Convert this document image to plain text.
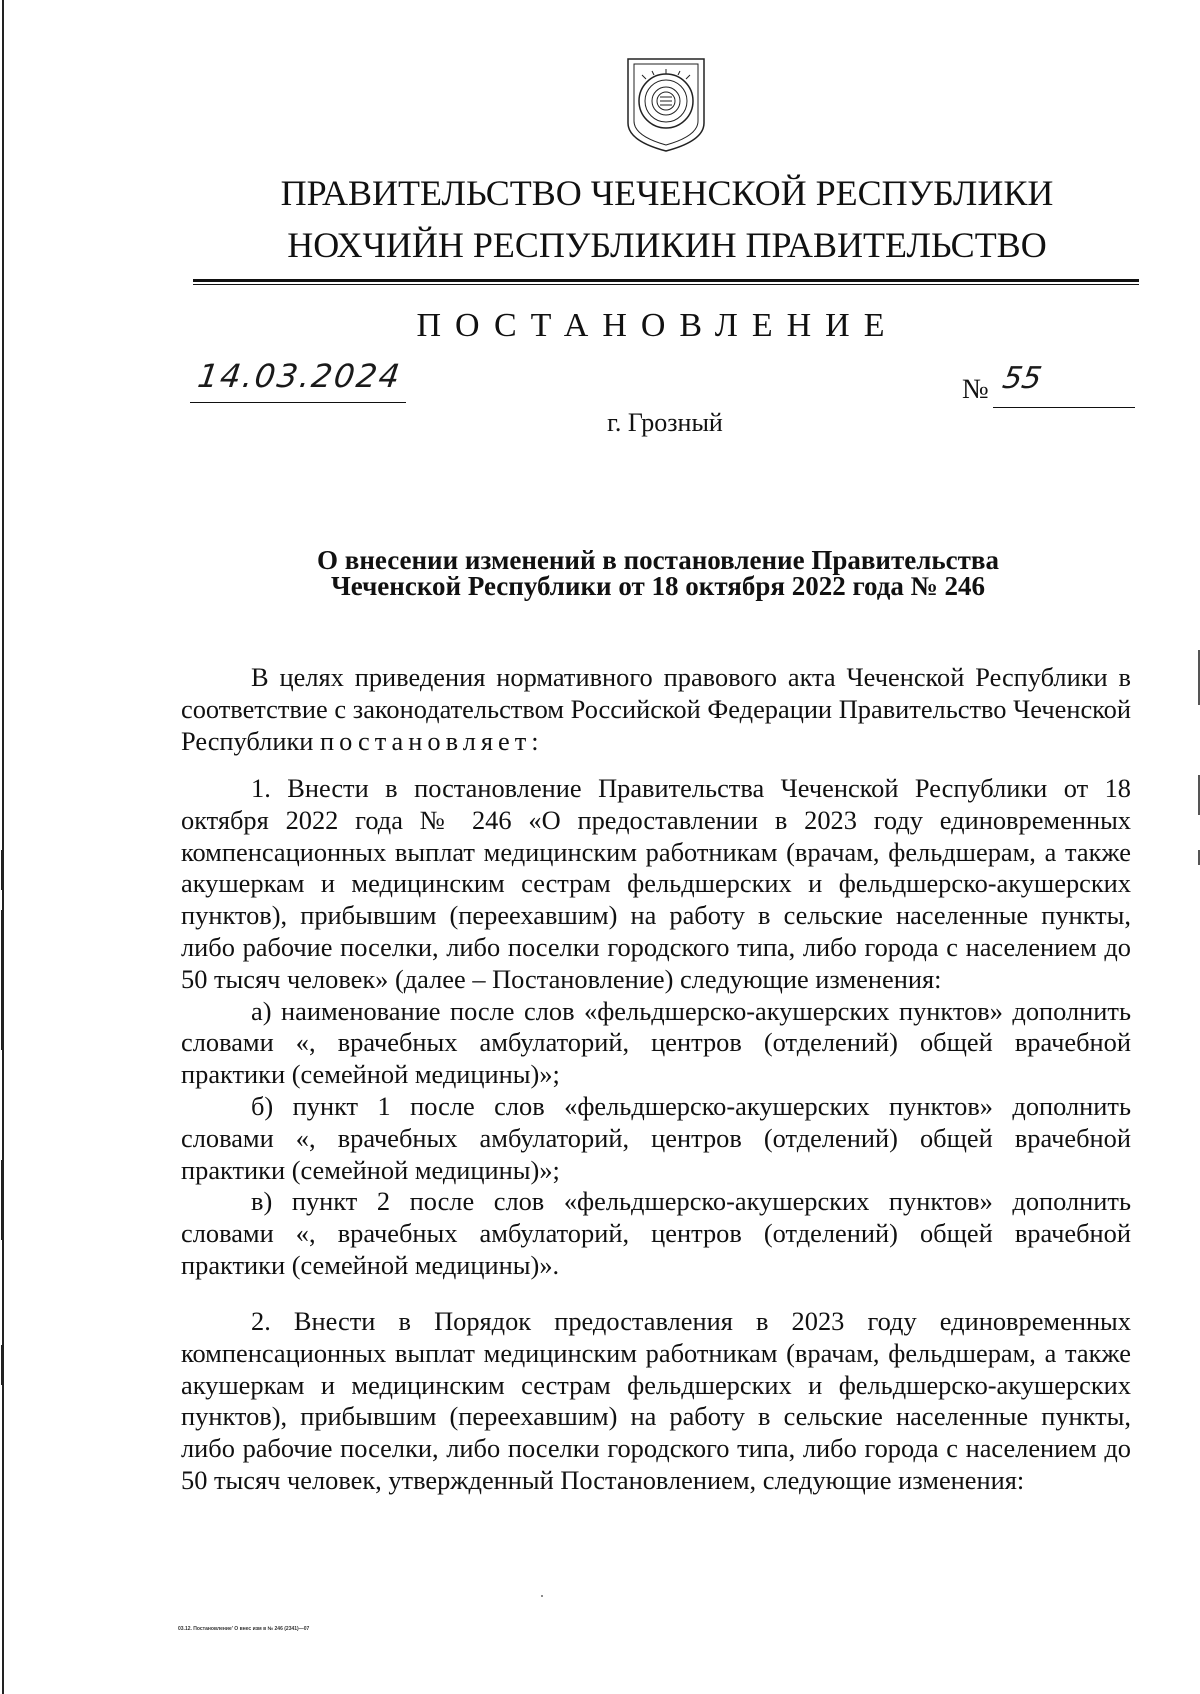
ПРАВИТЕЛЬСТВО ЧЕЧЕНСКОЙ РЕСПУБЛИКИ
НОХЧИЙН РЕСПУБЛИКИН ПРАВИТЕЛЬСТВО
ПОСТАНОВЛЕНИЕ
14.03.2024	№ 55
г. Грозный
О внесении изменений в постановление Правительства
Чеченской Республики от 18 октября 2022 года № 246

В целях приведения нормативного правового акта Чеченской Республики в соответствие с законодательством Российской Федерации Правительство Чеченской Республики постановляет:

1. Внести в постановление Правительства Чеченской Республики от 18 октября 2022 года № 246 «О предоставлении в 2023 году единовременных компенсационных выплат медицинским работникам (врачам, фельдшерам, а также акушеркам и медицинским сестрам фельдшерских и фельдшерско-акушерских пунктов), прибывшим (переехавшим) на работу в сельские населенные пункты, либо рабочие поселки, либо поселки городского типа, либо города с населением до 50 тысяч человек» (далее – Постановление) следующие изменения:

а) наименование после слов «фельдшерско-акушерских пунктов» дополнить словами «, врачебных амбулаторий, центров (отделений) общей врачебной практики (семейной медицины)»;

б) пункт 1 после слов «фельдшерско-акушерских пунктов» дополнить словами «, врачебных амбулаторий, центров (отделений) общей врачебной практики (семейной медицины)»;

в) пункт 2 после слов «фельдшерско-акушерских пунктов» дополнить словами «, врачебных амбулаторий, центров (отделений) общей врачебной практики (семейной медицины)».

2. Внести в Порядок предоставления в 2023 году единовременных компенсационных выплат медицинским работникам (врачам, фельдшерам, а также акушеркам и медицинским сестрам фельдшерских и фельдшерско-акушерских пунктов), прибывшим (переехавшим) на работу в сельские населенные пункты, либо рабочие поселки, либо поселки городского типа, либо города с населением до 50 тысяч человек, утвержденный Постановлением, следующие изменения:

03.12. Постановление' О внес изм в № 246 (2341)—07
